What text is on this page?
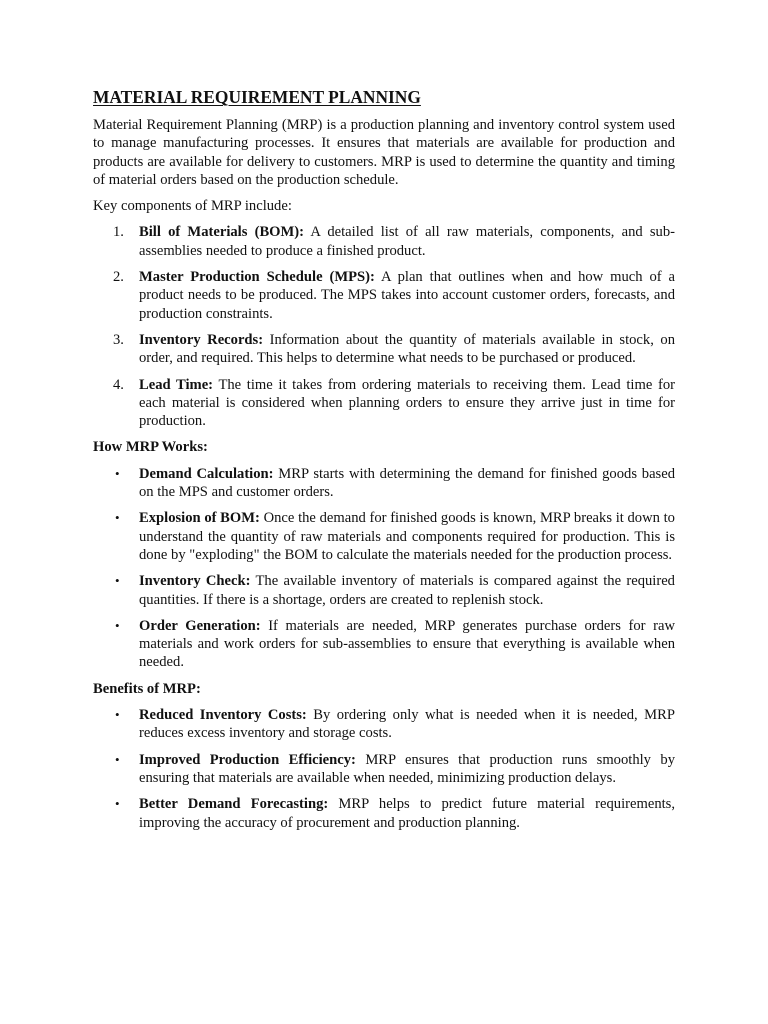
MATERIAL REQUIREMENT PLANNING

Material Requirement Planning (MRP) is a production planning and inventory control system used to manage manufacturing processes. It ensures that materials are available for production and products are available for delivery to customers. MRP is used to determine the quantity and timing of material orders based on the production schedule.

Key components of MRP include:

1. Bill of Materials (BOM): A detailed list of all raw materials, components, and sub-assemblies needed to produce a finished product.
2. Master Production Schedule (MPS): A plan that outlines when and how much of a product needs to be produced. The MPS takes into account customer orders, forecasts, and production constraints.
3. Inventory Records: Information about the quantity of materials available in stock, on order, and required. This helps to determine what needs to be purchased or produced.
4. Lead Time: The time it takes from ordering materials to receiving them. Lead time for each material is considered when planning orders to ensure they arrive just in time for production.

How MRP Works:

• Demand Calculation: MRP starts with determining the demand for finished goods based on the MPS and customer orders.
• Explosion of BOM: Once the demand for finished goods is known, MRP breaks it down to understand the quantity of raw materials and components required for production. This is done by "exploding" the BOM to calculate the materials needed for the production process.
• Inventory Check: The available inventory of materials is compared against the required quantities. If there is a shortage, orders are created to replenish stock.
• Order Generation: If materials are needed, MRP generates purchase orders for raw materials and work orders for sub-assemblies to ensure that everything is available when needed.

Benefits of MRP:

• Reduced Inventory Costs: By ordering only what is needed when it is needed, MRP reduces excess inventory and storage costs.
• Improved Production Efficiency: MRP ensures that production runs smoothly by ensuring that materials are available when needed, minimizing production delays.
• Better Demand Forecasting: MRP helps to predict future material requirements, improving the accuracy of procurement and production planning.
